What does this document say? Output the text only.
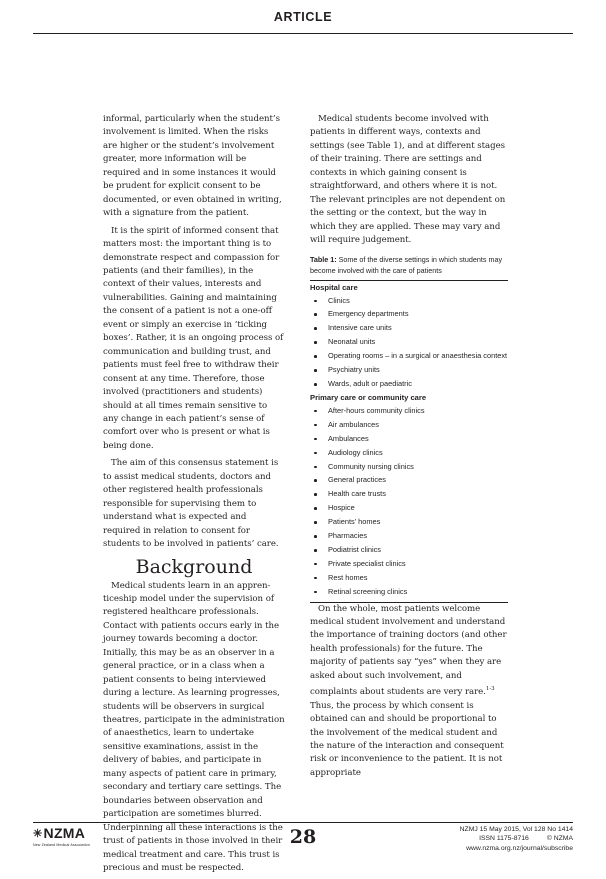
ARTICLE

informal, particularly when the student’s involvement is limited. When the risks are higher or the student’s involvement greater, more information will be required and in some instances it would be prudent for explicit consent to be documented, or even obtained in writing, with a signature from the patient.

It is the spirit of informed consent that matters most: the important thing is to demonstrate respect and compassion for patients (and their families), in the context of their values, interests and vulnerabilities. Gaining and maintaining the consent of a patient is not a one-off event or simply an exercise in ‘ticking boxes’. Rather, it is an ongoing process of communication and building trust, and patients must feel free to withdraw their consent at any time. Therefore, those involved (practitioners and students) should at all times remain sensitive to any change in each patient’s sense of comfort over who is present or what is being done.

The aim of this consensus statement is to assist medical students, doctors and other registered health professionals responsible for supervising them to understand what is expected and required in relation to consent for students to be involved in patients’ care.

Background

Medical students learn in an apprenticeship model under the supervision of registered healthcare professionals. Contact with patients occurs early in the journey towards becoming a doctor. Initially, this may be as an observer in a general practice, or in a class when a patient consents to being interviewed during a lecture. As learning progresses, students will be observers in surgical theatres, participate in the administration of anaesthetics, learn to undertake sensitive examinations, assist in the delivery of babies, and participate in many aspects of patient care in primary, secondary and tertiary care settings. The boundaries between observation and participation are sometimes blurred. Underpinning all these interactions is the trust of patients in those involved in their medical treatment and care. This trust is precious and must be respected.

Medical students become involved with patients in different ways, contexts and settings (see Table 1), and at different stages of their training. There are settings and contexts in which gaining consent is straightforward, and others where it is not. The relevant principles are not dependent on the setting or the context, but the way in which they are applied. These may vary and will require judgement.

Table 1: Some of the diverse settings in which students may become involved with the care of patients

Hospital care
Clinics
Emergency departments
Intensive care units
Neonatal units
Operating rooms – in a surgical or anaesthesia context
Psychiatry units
Wards, adult or paediatric
Primary care or community care
After-hours community clinics
Air ambulances
Ambulances
Audiology clinics
Community nursing clinics
General practices
Health care trusts
Hospice
Patients’ homes
Pharmacies
Podiatrist clinics
Private specialist clinics
Rest homes
Retinal screening clinics

On the whole, most patients welcome medical student involvement and understand the importance of training doctors (and other health professionals) for the future. The majority of patients say “yes” when they are asked about such involvement, and complaints about students are very rare.$^{1-3}$ Thus, the process by which consent is obtained can and should be proportional to the involvement of the medical student and the nature of the interaction and consequent risk or inconvenience to the patient. It is not appropriate

✳NZMA
New Zealand Medical Association	28	NZMJ 15 May 2015, Vol 128 No 1414
ISSN 1175-8716	© NZMA
www.nzma.org.nz/journal/subscribe
